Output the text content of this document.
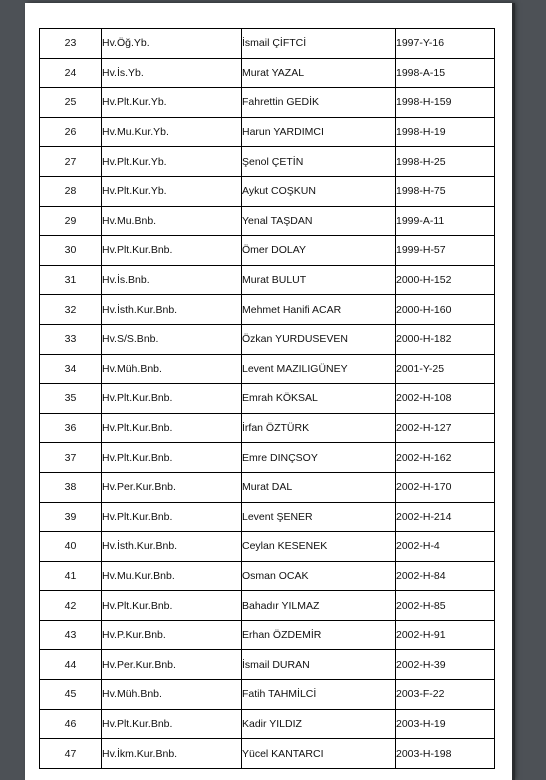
23	Hv.Öğ.Yb.	İsmail ÇİFTCİ	1997-Y-16
24	Hv.İs.Yb.	Murat YAZAL	1998-A-15
25	Hv.Plt.Kur.Yb.	Fahrettin GEDİK	1998-H-159
26	Hv.Mu.Kur.Yb.	Harun YARDIMCI	1998-H-19
27	Hv.Plt.Kur.Yb.	Şenol ÇETİN	1998-H-25
28	Hv.Plt.Kur.Yb.	Aykut COŞKUN	1998-H-75
29	Hv.Mu.Bnb.	Yenal TAŞDAN	1999-A-11
30	Hv.Plt.Kur.Bnb.	Ömer DOLAY	1999-H-57
31	Hv.İs.Bnb.	Murat BULUT	2000-H-152
32	Hv.İsth.Kur.Bnb.	Mehmet Hanifi ACAR	2000-H-160
33	Hv.S/S.Bnb.	Özkan YURDUSEVEN	2000-H-182
34	Hv.Müh.Bnb.	Levent MAZILIGÜNEY	2001-Y-25
35	Hv.Plt.Kur.Bnb.	Emrah KÖKSAL	2002-H-108
36	Hv.Plt.Kur.Bnb.	İrfan ÖZTÜRK	2002-H-127
37	Hv.Plt.Kur.Bnb.	Emre DINÇSOY	2002-H-162
38	Hv.Per.Kur.Bnb.	Murat DAL	2002-H-170
39	Hv.Plt.Kur.Bnb.	Levent ŞENER	2002-H-214
40	Hv.İsth.Kur.Bnb.	Ceylan KESENEK	2002-H-4
41	Hv.Mu.Kur.Bnb.	Osman OCAK	2002-H-84
42	Hv.Plt.Kur.Bnb.	Bahadır YILMAZ	2002-H-85
43	Hv.P.Kur.Bnb.	Erhan ÖZDEMİR	2002-H-91
44	Hv.Per.Kur.Bnb.	İsmail DURAN	2002-H-39
45	Hv.Müh.Bnb.	Fatih TAHMİLCİ	2003-F-22
46	Hv.Plt.Kur.Bnb.	Kadir YILDIZ	2003-H-19
47	Hv.İkm.Kur.Bnb.	Yücel KANTARCI	2003-H-198
